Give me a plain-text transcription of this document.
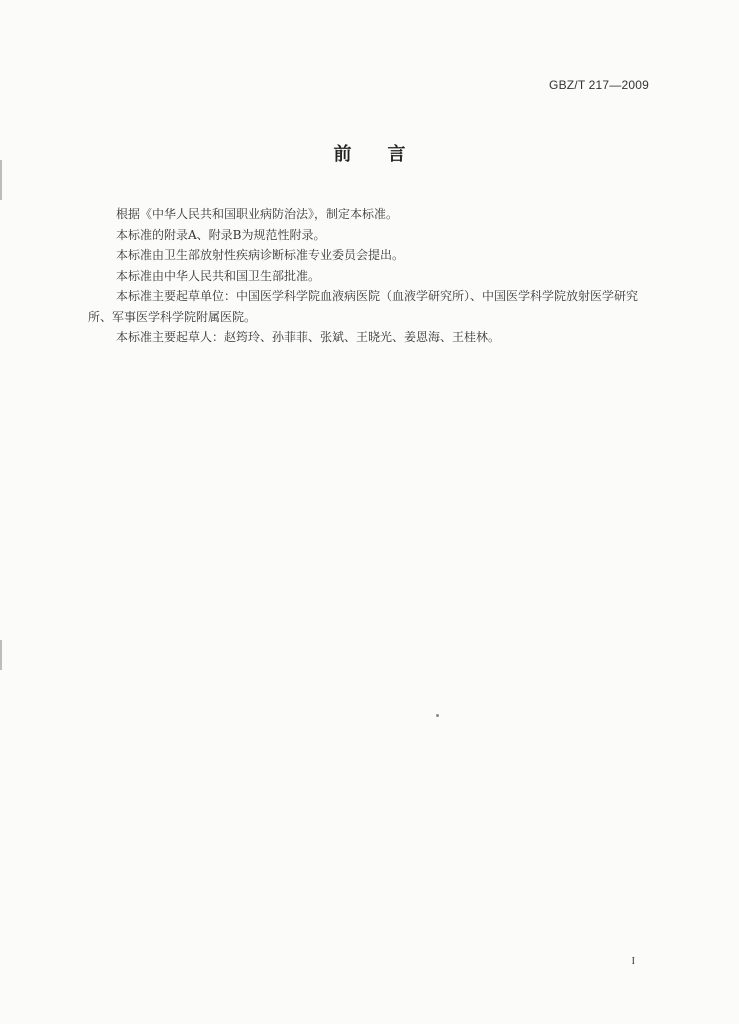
GBZ/T 217—2009
前 言

根据《中华人民共和国职业病防治法》，制定本标准。

本标准的附录A、附录B为规范性附录。

本标准由卫生部放射性疾病诊断标准专业委员会提出。

本标准由中华人民共和国卫生部批准。

本标准主要起草单位：中国医学科学院血液病医院（血液学研究所）、中国医学科学院放射医学研究所、军事医学科学院附属医院。

本标准主要起草人：赵筠玲、孙菲菲、张斌、王晓光、姜恩海、王桂林。

I
